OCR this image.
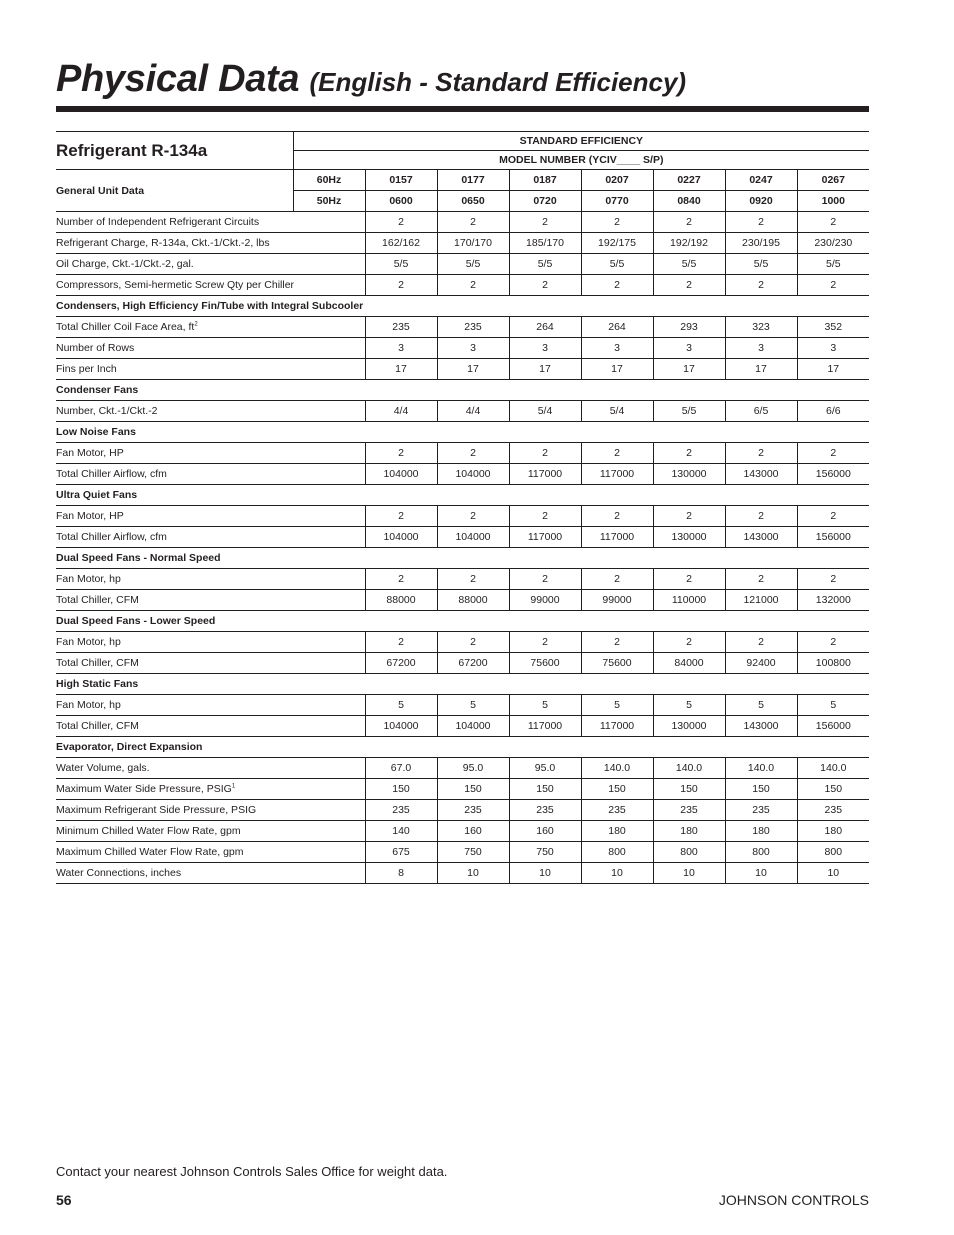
Physical Data (English - Standard Efficiency)
Refrigerant R-134a	STANDARD EFFICIENCY							
	MODEL NUMBER (YCIV____ S/P)							
General Unit Data	60Hz	0157	0177	0187	0207	0227	0247	0267
	50Hz	0600	0650	0720	0770	0840	0920	1000
Number of Independent Refrigerant Circuits		2	2	2	2	2	2	2
Refrigerant Charge, R-134a, Ckt.-1/Ckt.-2, lbs		162/162	170/170	185/170	192/175	192/192	230/195	230/230
Oil Charge, Ckt.-1/Ckt.-2, gal.		5/5	5/5	5/5	5/5	5/5	5/5	5/5
Compressors, Semi-hermetic Screw Qty per Chiller		2	2	2	2	2	2	2
Condensers, High Efficiency Fin/Tube with Integral Subcooler								
Total Chiller Coil Face Area, $ft^2$		235	235	264	264	293	323	352
Number of Rows		3	3	3	3	3	3	3
Fins per Inch		17	17	17	17	17	17	17
Condenser Fans								
Number, Ckt.-1/Ckt.-2		4/4	4/4	5/4	5/4	5/5	6/5	6/6
Low Noise Fans								
Fan Motor, HP		2	2	2	2	2	2	2
Total Chiller Airflow, cfm		104000	104000	117000	117000	130000	143000	156000
Ultra Quiet Fans								
Fan Motor, HP		2	2	2	2	2	2	2
Total Chiller Airflow, cfm		104000	104000	117000	117000	130000	143000	156000
Dual Speed Fans - Normal Speed								
Fan Motor, hp		2	2	2	2	2	2	2
Total Chiller, CFM		88000	88000	99000	99000	110000	121000	132000
Dual Speed Fans - Lower Speed								
Fan Motor, hp		2	2	2	2	2	2	2
Total Chiller, CFM		67200	67200	75600	75600	84000	92400	100800
High Static Fans								
Fan Motor, hp		5	5	5	5	5	5	5
Total Chiller, CFM		104000	104000	117000	117000	130000	143000	156000
Evaporator, Direct Expansion								
Water Volume, gals.		67.0	95.0	95.0	140.0	140.0	140.0	140.0
Maximum Water Side Pressure, PSIG$^1$		150	150	150	150	150	150	150
Maximum Refrigerant Side Pressure, PSIG		235	235	235	235	235	235	235
Minimum Chilled Water Flow Rate, gpm		140	160	160	180	180	180	180
Maximum Chilled Water Flow Rate, gpm		675	750	750	800	800	800	800
Water Connections, inches		8	10	10	10	10	10	10
Contact your nearest Johnson Controls Sales Office for weight data.
56	JOHNSON CONTROLS
